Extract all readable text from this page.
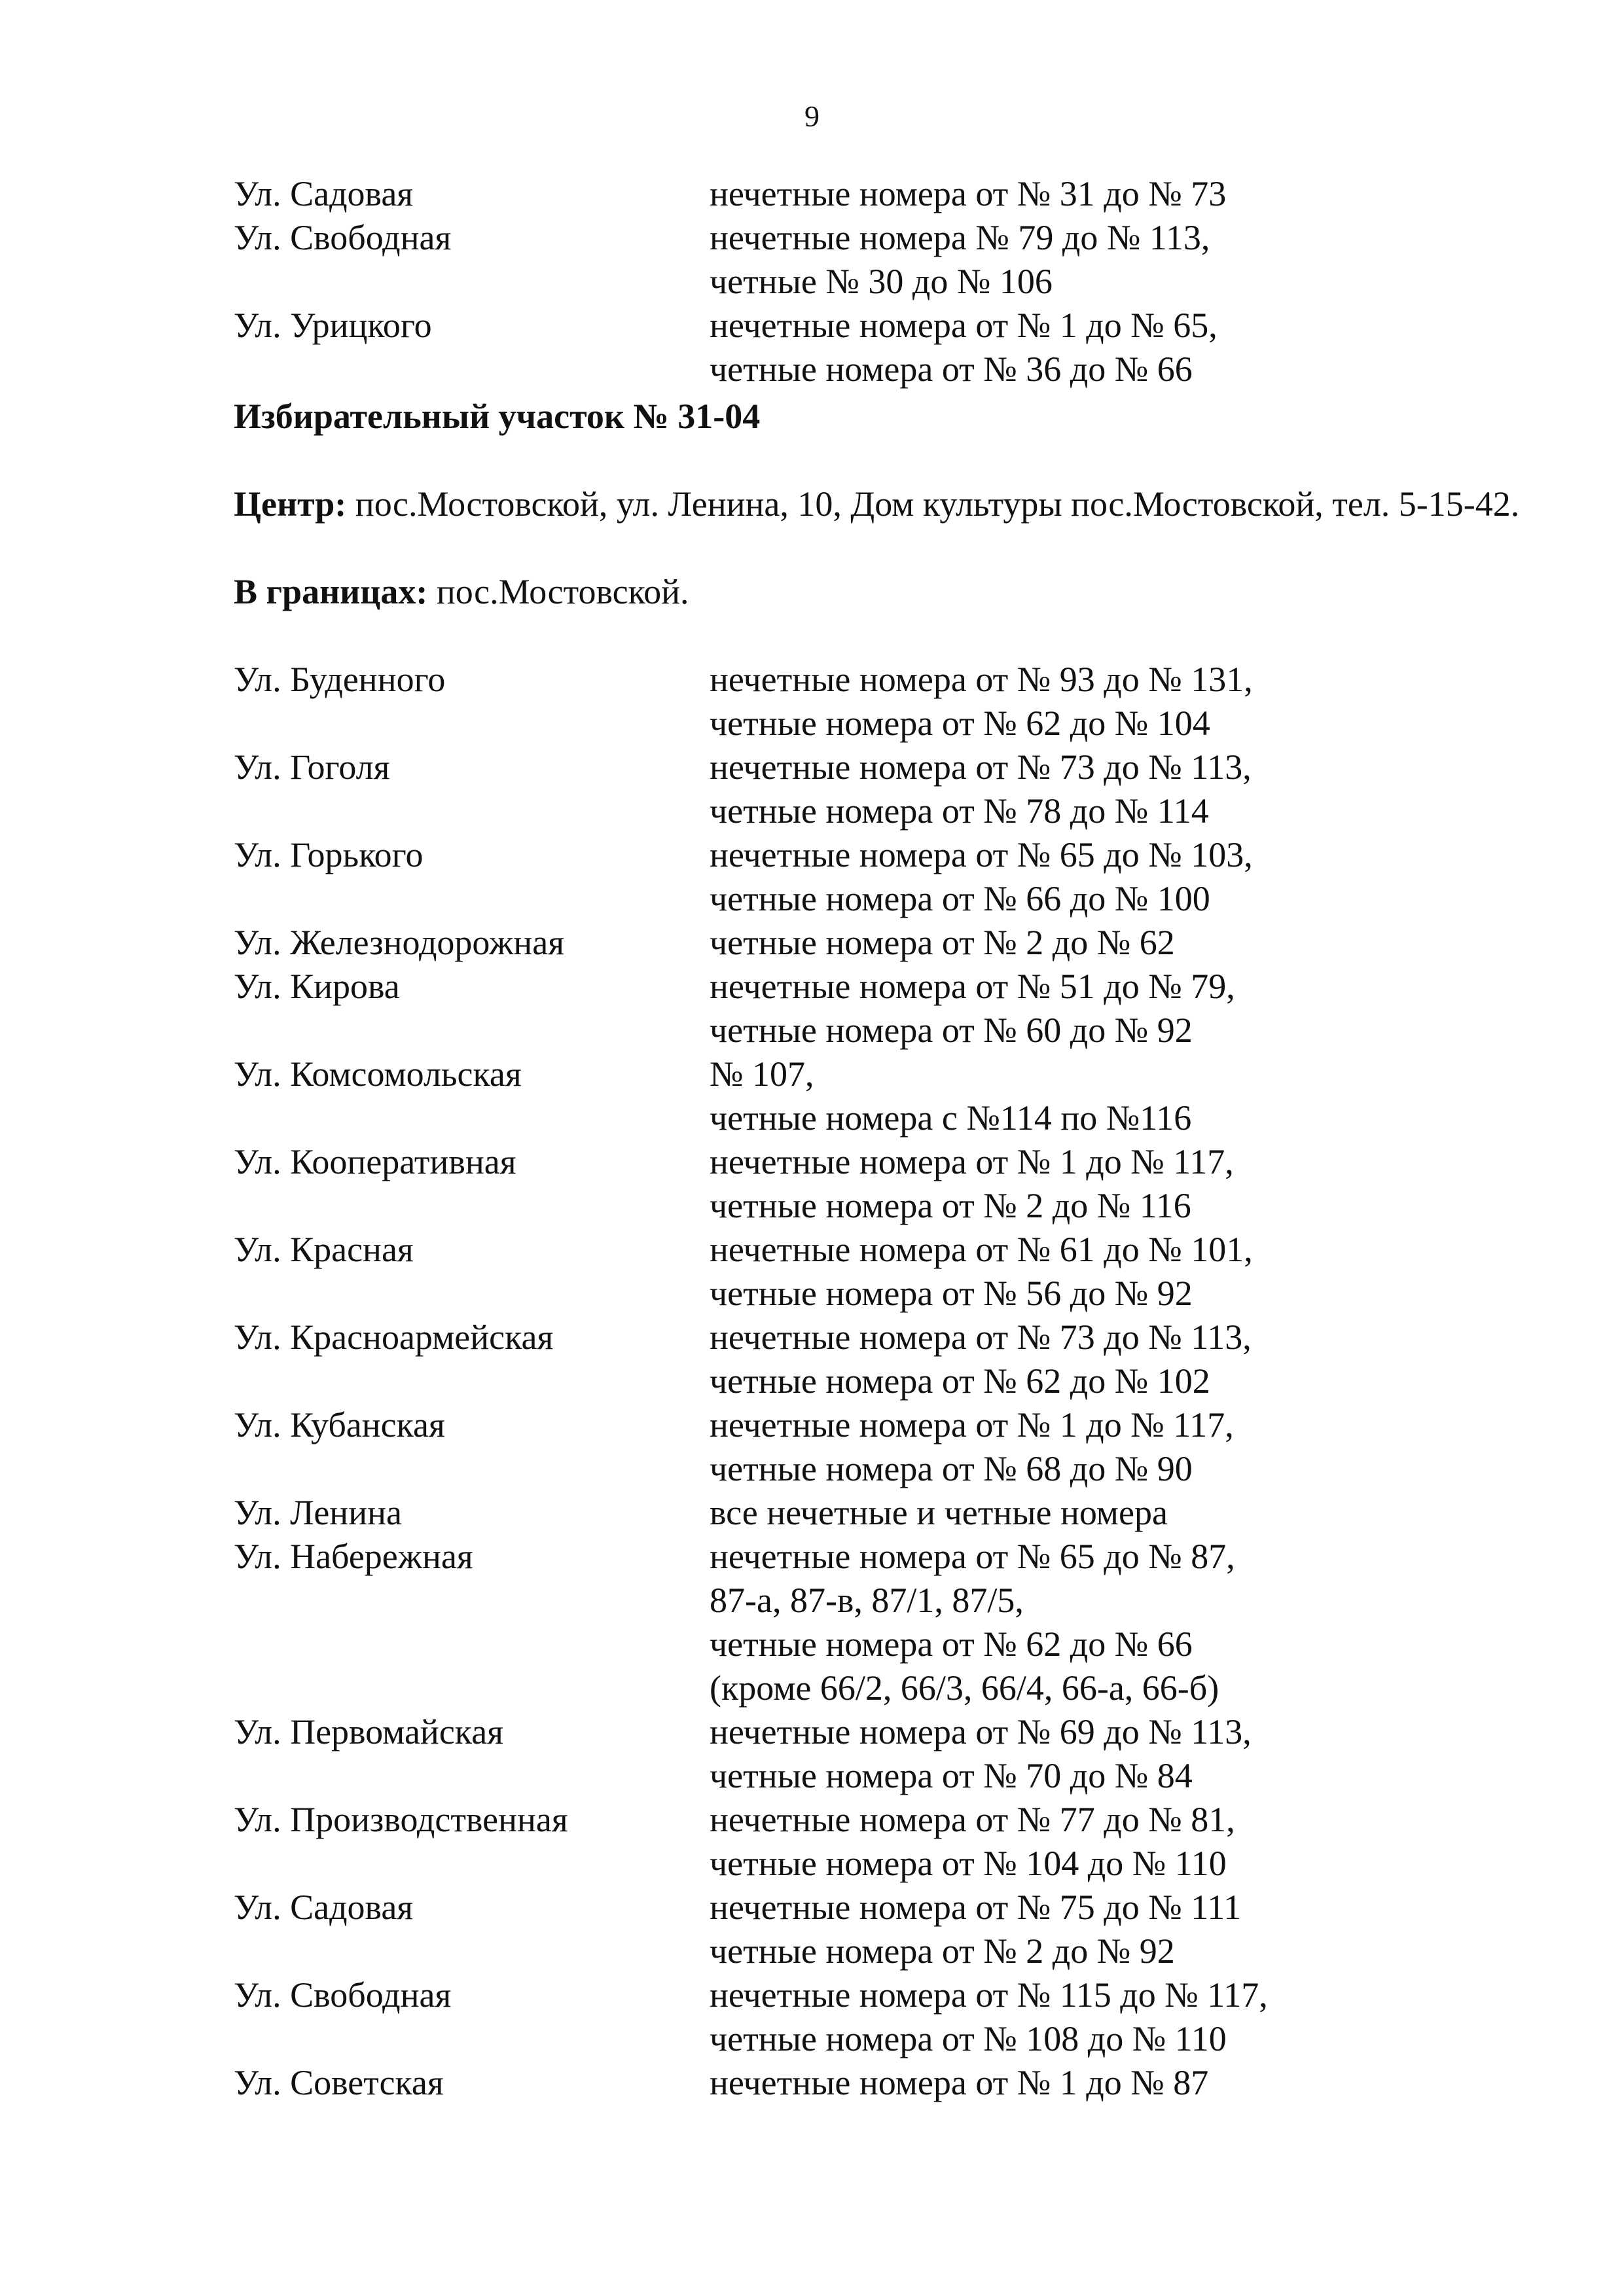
9
Ул. Садовая	нечетные номера от № 31 до № 73
Ул. Свободная	нечетные номера № 79 до № 113,
четные № 30 до № 106
Ул. Урицкого	нечетные номера от № 1 до № 65,
четные номера от № 36 до № 66
Избирательный участок № 31-04
Центр: пос.Мостовской, ул. Ленина, 10, Дом культуры пос.Мостовской, тел. 5-15-42.
В границах: пос.Мостовской.
Ул. Буденного	нечетные номера от № 93 до № 131,
четные номера от № 62 до № 104
Ул. Гоголя	нечетные номера от № 73 до № 113,
четные номера от № 78 до № 114
Ул. Горького	нечетные номера от № 65 до № 103,
четные номера от № 66 до № 100
Ул. Железнодорожная	четные номера от № 2 до № 62
Ул. Кирова	нечетные номера от № 51 до № 79,
четные номера от № 60 до № 92
Ул. Комсомольская	№ 107,
четные номера с №114 по №116
Ул. Кооперативная	нечетные номера от № 1 до № 117,
четные номера от № 2 до № 116
Ул. Красная	нечетные номера от № 61 до № 101,
четные номера от № 56 до № 92
Ул. Красноармейская	нечетные номера от № 73 до № 113,
четные номера от № 62 до № 102
Ул. Кубанская	нечетные номера от № 1 до № 117,
четные номера от № 68 до № 90
Ул. Ленина	все нечетные и четные номера
Ул. Набережная	нечетные номера от № 65 до № 87,
87-а, 87-в, 87/1, 87/5,
четные номера от № 62 до № 66
(кроме 66/2, 66/3, 66/4, 66-а, 66-б)
Ул. Первомайская	нечетные номера от № 69 до № 113,
четные номера от № 70 до № 84
Ул. Производственная	нечетные номера от № 77 до № 81,
четные номера от № 104 до № 110
Ул. Садовая	нечетные номера от № 75 до № 111
четные номера от № 2 до № 92
Ул. Свободная	нечетные номера от № 115 до № 117,
четные номера от № 108 до № 110
Ул. Советская	нечетные номера от № 1 до № 87
